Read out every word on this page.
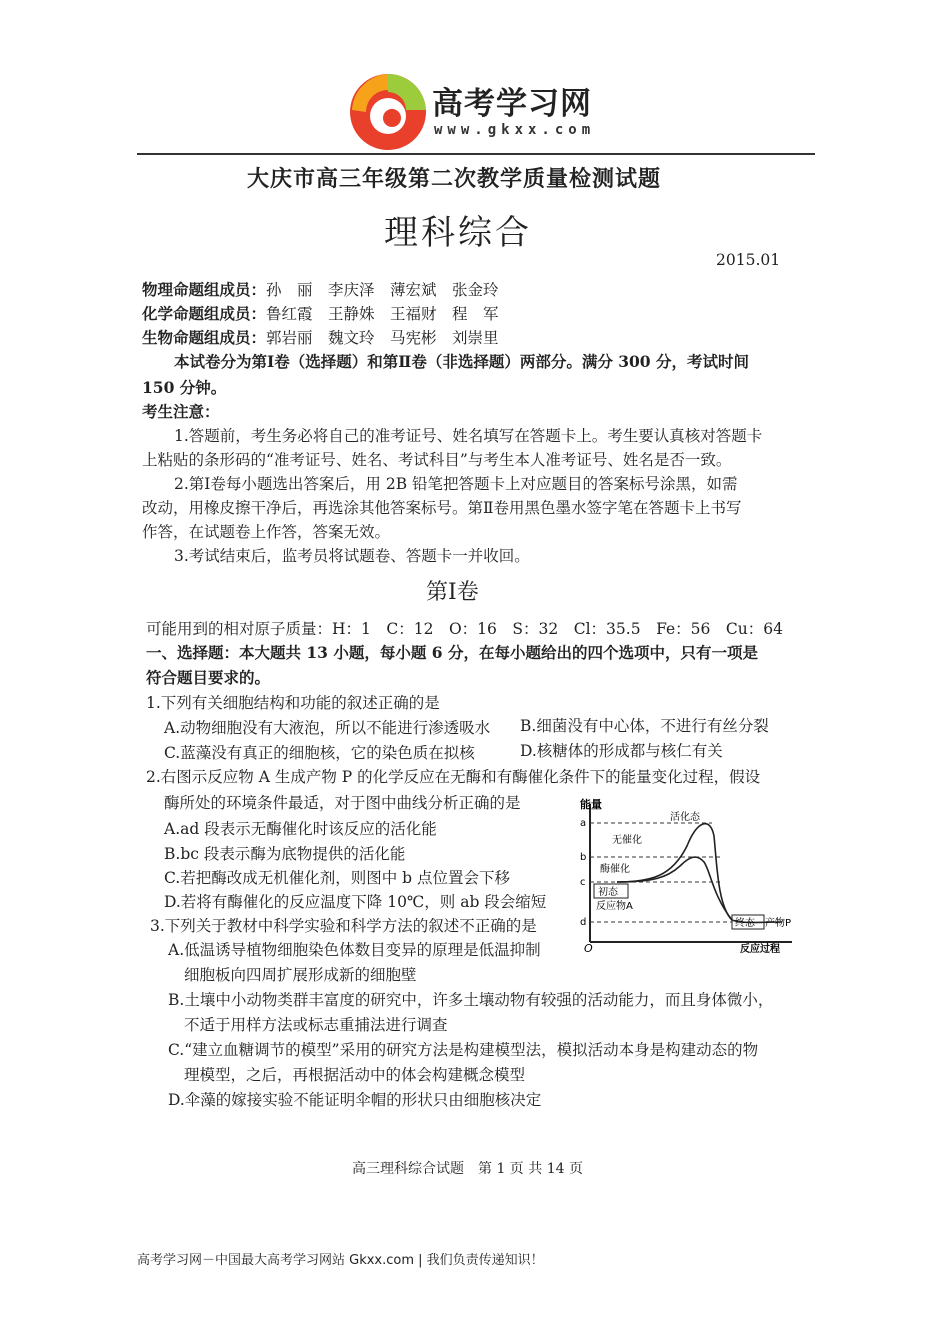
高考学习网
www.gkxx.com
大庆市高三年级第二次教学质量检测试题
理科综合
2015.01
物理命题组成员：孙　丽　李庆泽　薄宏斌　张金玲
化学命题组成员：鲁红霞　王静姝　王福财　程　军
生物命题组成员：郭岩丽　魏文玲　马宪彬　刘崇里
本试卷分为第Ⅰ卷（选择题）和第Ⅱ卷（非选择题）两部分。满分 300 分，考试时间
150 分钟。
考生注意：
1.答题前，考生务必将自己的准考证号、姓名填写在答题卡上。考生要认真核对答题卡
上粘贴的条形码的“准考证号、姓名、考试科目”与考生本人准考证号、姓名是否一致。
2.第Ⅰ卷每小题选出答案后，用 2B 铅笔把答题卡上对应题目的答案标号涂黑，如需
改动，用橡皮擦干净后，再选涂其他答案标号。第Ⅱ卷用黑色墨水签字笔在答题卡上书写
作答，在试题卷上作答，答案无效。
3.考试结束后，监考员将试题卷、答题卡一并收回。
第Ⅰ卷
可能用到的相对原子质量：H：1　C：12　O：16　S：32　Cl：35.5　Fe：56　Cu：64
一、选择题：本大题共 13 小题，每小题 6 分，在每小题给出的四个选项中，只有一项是
符合题目要求的。
1.下列有关细胞结构和功能的叙述正确的是
A.动物细胞没有大液泡，所以不能进行渗透吸水 B.细菌没有中心体，不进行有丝分裂
C.蓝藻没有真正的细胞核，它的染色质在拟核	D.核糖体的形成都与核仁有关
2.右图示反应物 A 生成产物 P 的化学反应在无酶和有酶催化条件下的能量变化过程，假设
酶所处的环境条件最适，对于图中曲线分析正确的是
A.ad 段表示无酶催化时该反应的活化能
B.bc 段表示酶为底物提供的活化能
C.若把酶改成无机催化剂，则图中 b 点位置会下移
D.若将有酶催化的反应温度下降 10℃，则 ab 段会缩短
能量
反应过程
O
a
b
c
d
活化态
无催化
酶催化
初态
反应物A
终态 产物P
3.下列关于教材中科学实验和科学方法的叙述不正确的是
A.低温诱导植物细胞染色体数目变异的原理是低温抑制
细胞板向四周扩展形成新的细胞壁
B.土壤中小动物类群丰富度的研究中，许多土壤动物有较强的活动能力，而且身体微小，
不适于用样方法或标志重捕法进行调查
C.“建立血糖调节的模型”采用的研究方法是构建模型法，模拟活动本身是构建动态的物
理模型，之后，再根据活动中的体会构建概念模型
D.伞藻的嫁接实验不能证明伞帽的形状只由细胞核决定
高三理科综合试题　第 1 页 共 14 页
高考学习网－中国最大高考学习网站 Gkxx.com | 我们负责传递知识！
